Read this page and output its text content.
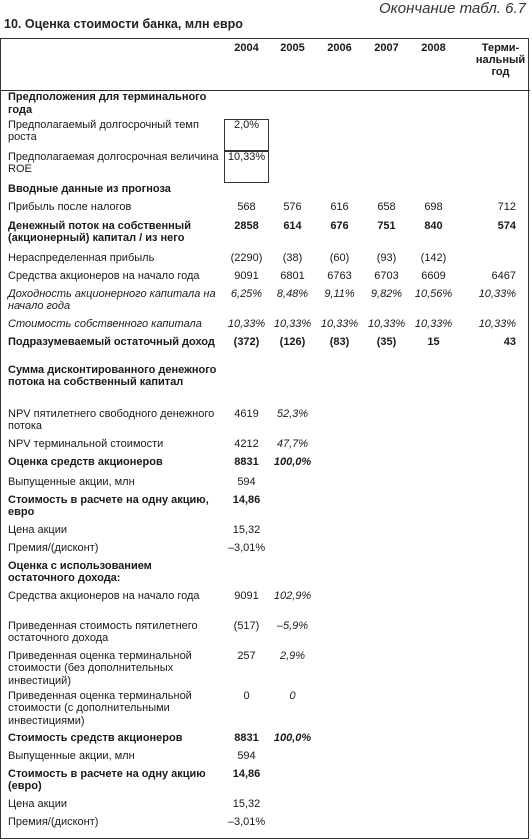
Окончание табл. 6.7
10. Оценка стоимости банка, млн евро
	2004	2005	2006	2007	2008	Терми-
нальный
год
Предположения для терминального года						
Предполагаемый долгосрочный темп роста	2,0%					
Предполагаемая долгосрочная величина ROE	10,33%					
Вводные данные из прогноза						
Прибыль после налогов	568	576	616	658	698	712
Денежный поток на собственный (акционерный) капитал / из него	2858	614	676	751	840	574
Нераспределенная прибыль	(2290)	(38)	(60)	(93)	(142)	
Средства акционеров на начало года	9091	6801	6763	6703	6609	6467
Доходность акционерного капитала на начало года	6,25%	8,48%	9,11%	9,82%	10,56%	10,33%
Стоимость собственного капитала	10,33%	10,33%	10,33%	10,33%	10,33%	10,33%
Подразумеваемый остаточный доход	(372)	(126)	(83)	(35)	15	43
Сумма дисконтированного денежного потока на собственный капитал						
NPV пятилетнего свободного денежного потока	4619	52,3%				
NPV терминальной стоимости	4212	47,7%				
Оценка средств акционеров	8831	100,0%				
Выпущенные акции, млн	594					
Стоимость в расчете на одну акцию, евро	14,86					
Цена акции	15,32					
Премия/(дисконт)	–3,01%					
Оценка с использованием остаточного дохода:						
Средства акционеров на начало года	9091	102,9%				
Приведенная стоимость пятилетнего остаточного дохода	(517)	–5,9%				
Приведенная оценка терминальной стоимости (без дополнительных инвестиций)	257	2,9%				
Приведенная оценка терминальной стоимости (с дополнительными инвестициями)	0	0				
Стоимость средств акционеров	8831	100,0%				
Выпущенные акции, млн	594					
Стоимость в расчете на одну акцию (евро)	14,86					
Цена акции	15,32					
Премия/(дисконт)	–3,01%					
